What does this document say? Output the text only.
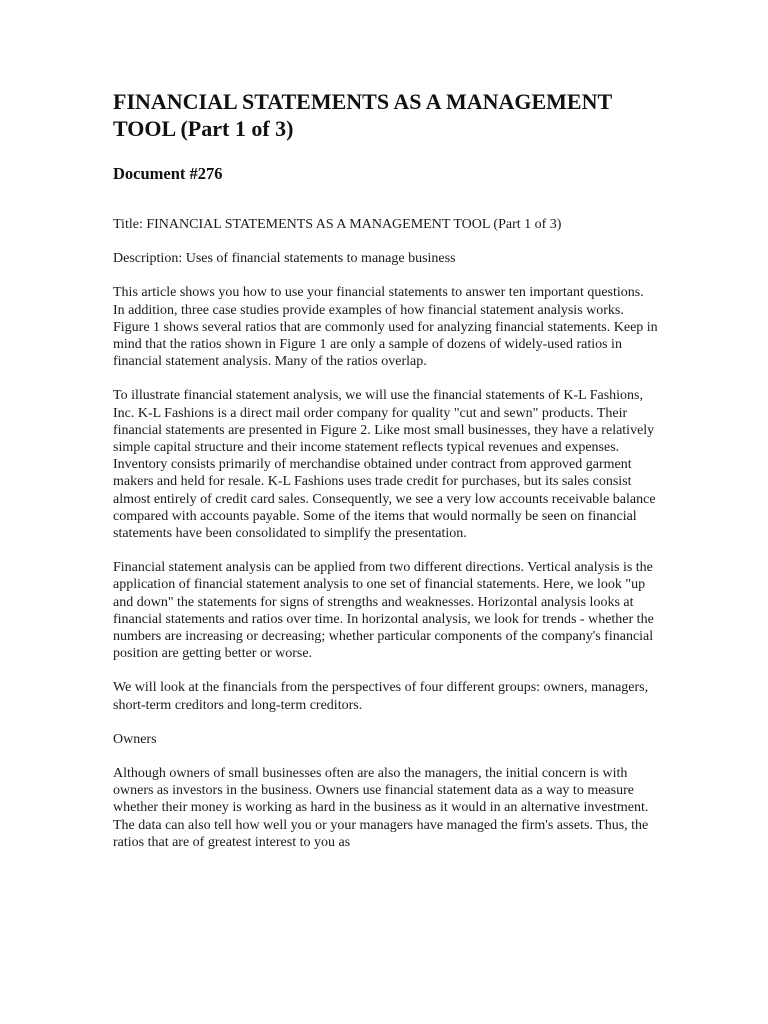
FINANCIAL STATEMENTS AS A MANAGEMENT TOOL (Part 1 of 3)
Document #276

Title: FINANCIAL STATEMENTS AS A MANAGEMENT TOOL (Part 1 of 3)

Description: Uses of financial statements to manage business

This article shows you how to use your financial statements to answer ten important questions. In addition, three case studies provide examples of how financial statement analysis works. Figure 1 shows several ratios that are commonly used for analyzing financial statements. Keep in mind that the ratios shown in Figure 1 are only a sample of dozens of widely-used ratios in financial statement analysis. Many of the ratios overlap.

To illustrate financial statement analysis, we will use the financial statements of K-L Fashions, Inc. K-L Fashions is a direct mail order company for quality "cut and sewn" products. Their financial statements are presented in Figure 2. Like most small businesses, they have a relatively simple capital structure and their income statement reflects typical revenues and expenses. Inventory consists primarily of merchandise obtained under contract from approved garment makers and held for resale. K-L Fashions uses trade credit for purchases, but its sales consist almost entirely of credit card sales. Consequently, we see a very low accounts receivable balance compared with accounts payable. Some of the items that would normally be seen on financial statements have been consolidated to simplify the presentation.

Financial statement analysis can be applied from two different directions. Vertical analysis is the application of financial statement analysis to one set of financial statements. Here, we look "up and down" the statements for signs of strengths and weaknesses. Horizontal analysis looks at financial statements and ratios over time. In horizontal analysis, we look for trends - whether the numbers are increasing or decreasing; whether particular components of the company's financial position are getting better or worse.

We will look at the financials from the perspectives of four different groups: owners, managers, short-term creditors and long-term creditors.

Owners

Although owners of small businesses often are also the managers, the initial concern is with owners as investors in the business. Owners use financial statement data as a way to measure whether their money is working as hard in the business as it would in an alternative investment. The data can also tell how well you or your managers have managed the firm's assets. Thus, the ratios that are of greatest interest to you as
